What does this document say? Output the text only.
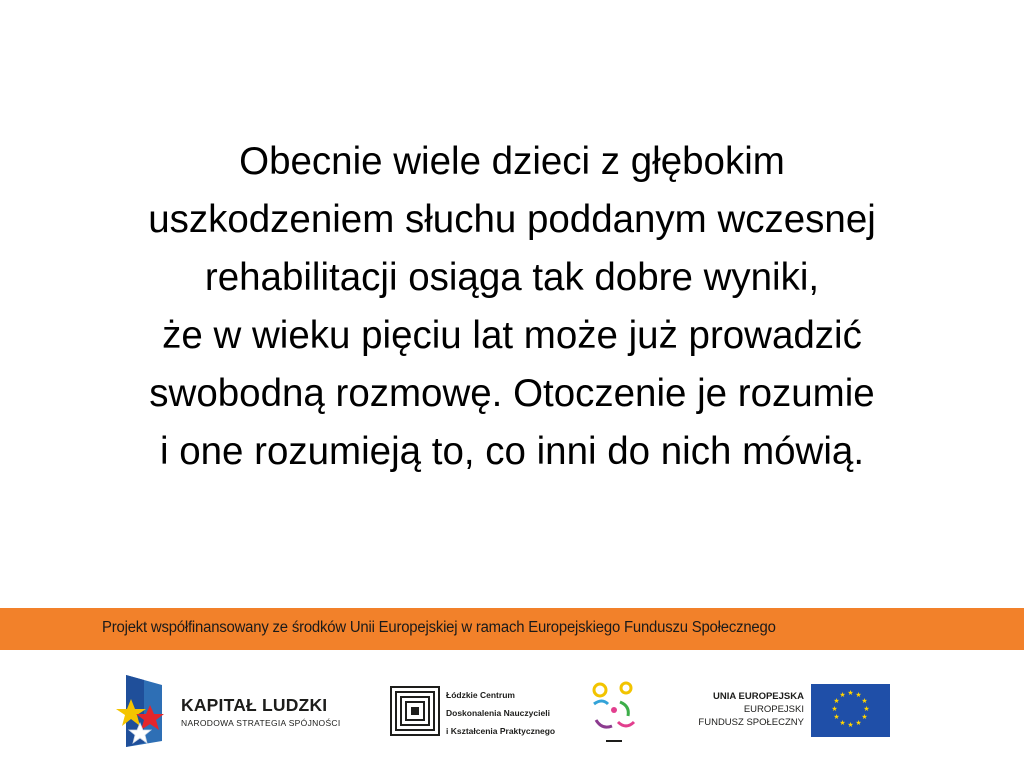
Obecnie wiele dzieci z głębokim
uszkodzeniem słuchu poddanym wczesnej
rehabilitacji osiąga tak dobre wyniki,
że w wieku pięciu lat może już prowadzić
swobodną rozmowę. Otoczenie je rozumie
i one rozumieją to, co inni do nich mówią.
Projekt współfinansowany ze środków Unii Europejskiej w ramach Europejskiego Funduszu Społecznego
KAPITAŁ LUDZKI
NARODOWA STRATEGIA SPÓJNOŚCI
Łódzkie Centrum
Doskonalenia Nauczycieli
i Kształcenia Praktycznego
UNIA EUROPEJSKA
EUROPEJSKI
FUNDUSZ SPOŁECZNY
★ ★
★
★
★
★
★
★
★
★
★
★
